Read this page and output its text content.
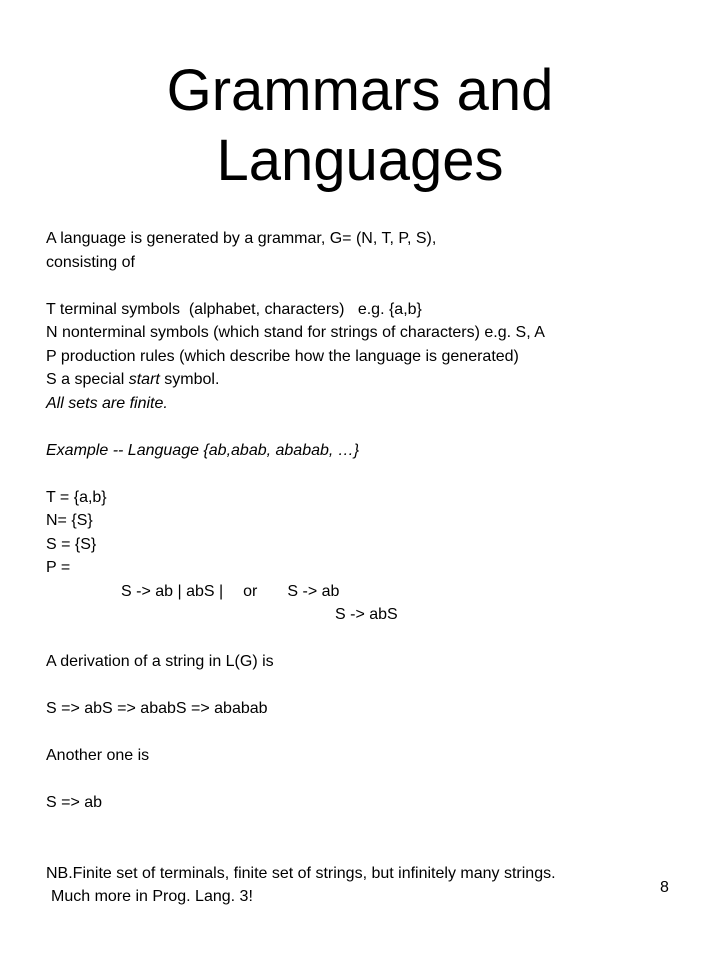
Grammars and
Languages
A language is generated by a grammar, G= (N, T, P, S),
consisting of
T terminal symbols  (alphabet, characters)   e.g. {a,b}
N nonterminal symbols (which stand for strings of characters) e.g. S, A
P production rules (which describe how the language is generated)
S a special start symbol.
All sets are finite.
Example -- Language {ab,abab, ababab, …}
T = {a,b}
N= {S}
S = {S}
P =
S -> ab | abS | or S -> ab
S -> abS
A derivation of a string in L(G) is
S => abS => ababS => ababab
Another one is
S => ab
NB.Finite set of terminals, finite set of strings, but infinitely many strings.
Much more in Prog. Lang. 3!
8
